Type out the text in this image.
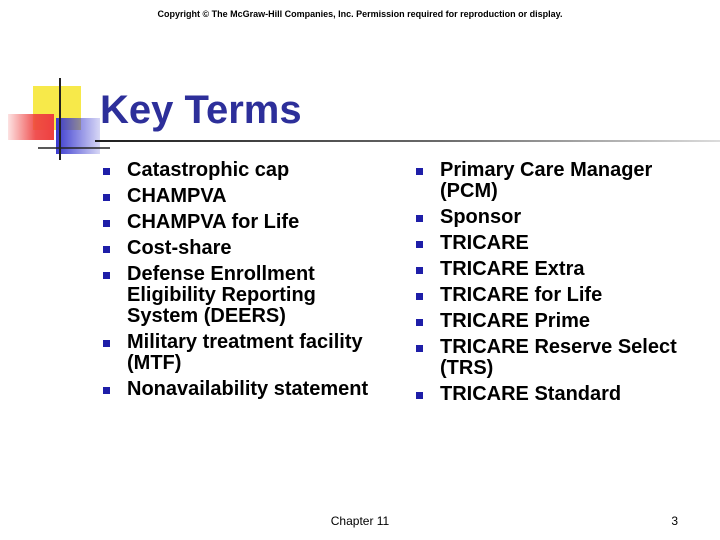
Copyright © The McGraw-Hill Companies, Inc. Permission required for reproduction or display.
Key Terms
Catastrophic cap
CHAMPVA
CHAMPVA for Life
Cost-share
Defense Enrollment Eligibility Reporting System (DEERS)
Military treatment facility (MTF)
Nonavailability statement
Primary Care Manager (PCM)
Sponsor
TRICARE
TRICARE Extra
TRICARE for Life
TRICARE Prime
TRICARE Reserve Select (TRS)
TRICARE Standard
Chapter 11	3
